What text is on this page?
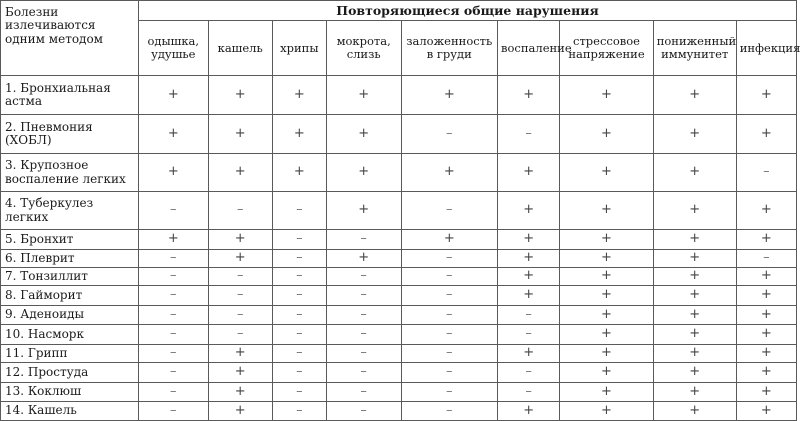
Болезни излечиваются одним методом	Повторяющиеся общие нарушения								
	одышка, удушье	кашель	хрипы	мокрота, слизь	заложенность в груди	воспаление	стрессовое напряжение	пониженный иммунитет	инфекция
1. Бронхиальная астма	+	+	+	+	+	+	+	+	+
2. Пневмония (ХОБЛ)	+	+	+	+	–	–	+	+	+
3. Крупозное воспаление легких	+	+	+	+	+	+	+	+	–
4. Туберкулез легких	–	–	–	+	–	+	+	+	+
5. Бронхит	+	+	–	–	+	+	+	+	+
6. Плеврит	–	+	–	+	–	+	+	+	–
7. Тонзиллит	–	–	–	–	–	+	+	+	+
8. Гайморит	–	–	–	–	–	+	+	+	+
9. Аденоиды	–	–	–	–	–	–	+	+	+
10. Насморк	–	–	–	–	–	–	+	+	+
11. Грипп	–	+	–	–	–	+	+	+	+
12. Простуда	–	+	–	–	–	–	+	+	+
13. Коклюш	–	+	–	–	–	–	+	+	+
14. Кашель	–	+	–	–	–	+	+	+	+
